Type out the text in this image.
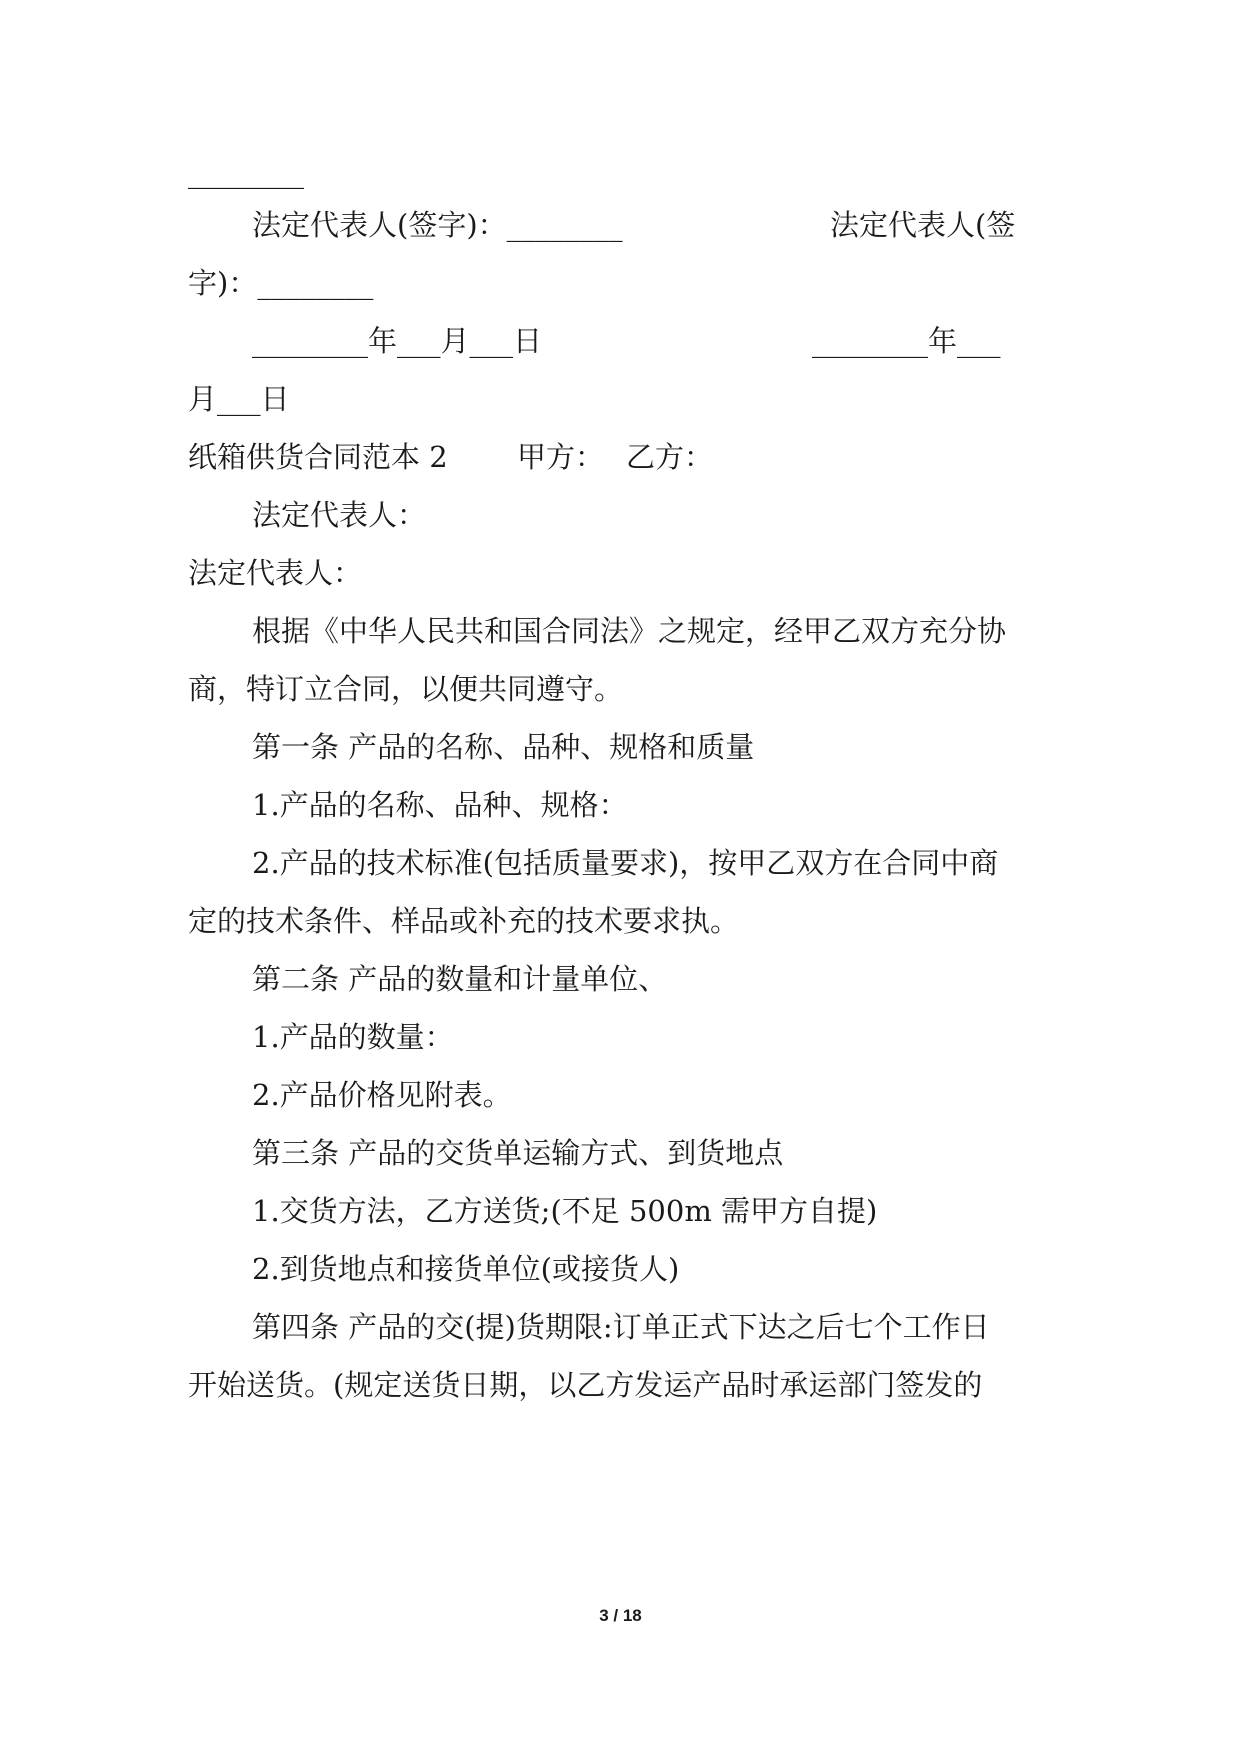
________

法定代表人(签字)：________	法定代表人(签

字)：________

________年___月___日	________年___

月___日

纸箱供货合同范本 2	甲方： 乙方：

法定代表人：

法定代表人：

根据《中华人民共和国合同法》之规定，经甲乙双方充分协

商，特订立合同，以便共同遵守。

第一条 产品的名称、品种、规格和质量

1.产品的名称、品种、规格：

2.产品的技术标准(包括质量要求)，按甲乙双方在合同中商

定的技术条件、样品或补充的技术要求执。

第二条 产品的数量和计量单位、

1.产品的数量：

2.产品价格见附表。

第三条 产品的交货单运输方式、到货地点

1.交货方法，乙方送货;(不足 500m 需甲方自提)

2.到货地点和接货单位(或接货人)

第四条 产品的交(提)货期限:订单正式下达之后七个工作日

开始送货。(规定送货日期，以乙方发运产品时承运部门签发的

3 / 18
